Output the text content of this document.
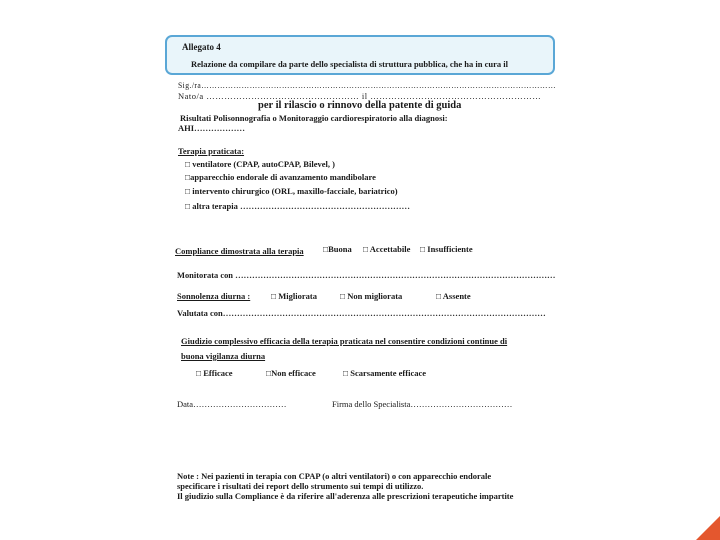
Allegato 4
Relazione da compilare da parte dello specialista di struttura pubblica, che ha in cura il
Sig./ra……………………………………………………………………………………………………………………
Nato/a …………………………………………… il …………………………………………………
per il rilascio o rinnovo della patente di guida
Risultati Polisonnografia o Monitoraggio cardiorespiratorio alla diagnosi:
AHI………………
Terapia praticata:
□ ventilatore (CPAP, autoCPAP, Bilevel, )
□apparecchio endorale di avanzamento mandibolare
□ intervento chirurgico (ORL, maxillo-facciale, bariatrico)
□ altra terapia ……………………………………………………
Compliance dimostrata alla terapia □Buona □ Accettabile □ Insufficiente
Monitorata con ……………………………………………………………………………………………………
Sonnolenza diurna : □ Migliorata	□ Non migliorata	□ Assente
Valutata con……………………………………………………………………………………………………
Giudizio complessivo efficacia della terapia praticata nel consentire condizioni continue di
buona vigilanza diurna
□ Efficace	□Non efficace	□ Scarsamente efficace
Data……………………………	Firma dello Specialista………………………………
Note : Nei pazienti in terapia con CPAP (o altri ventilatori) o con apparecchio endorale
specificare i risultati dei report dello strumento sui tempi di utilizzo.
Il giudizio sulla Compliance è da riferire all'aderenza alle prescrizioni terapeutiche impartite
